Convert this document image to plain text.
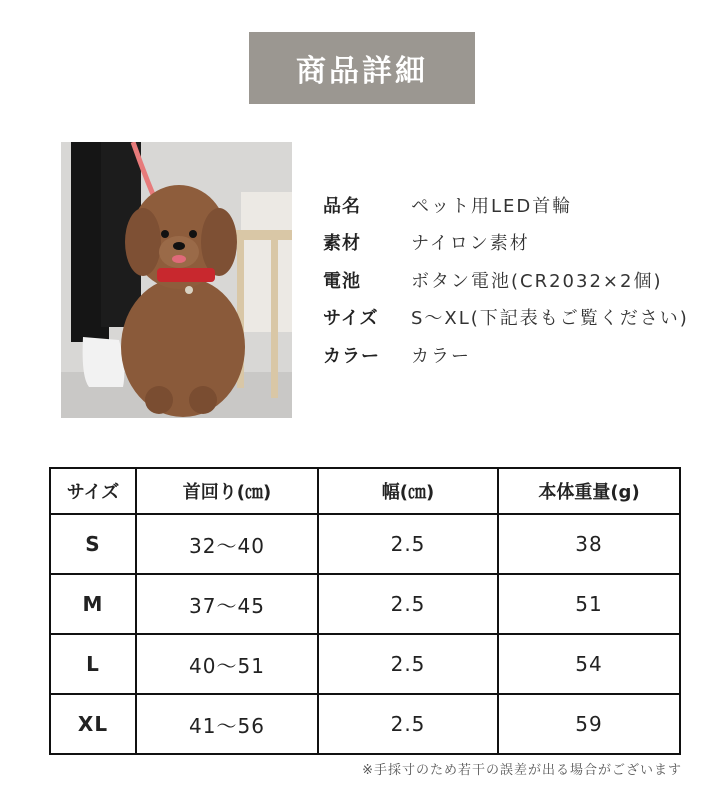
商品詳細
品名	ペット用LED首輪
素材	ナイロン素材
電池	ボタン電池(CR2032×2個)
サイズ	S〜XL(下記表もご覧ください)
カラー	カラー
サイズ	首回り(㎝)	幅(㎝)	本体重量(g)
S	32〜40	2.5	38
M	37〜45	2.5	51
L	40〜51	2.5	54
XL	41〜56	2.5	59
※手採寸のため若干の誤差が出る場合がございます
